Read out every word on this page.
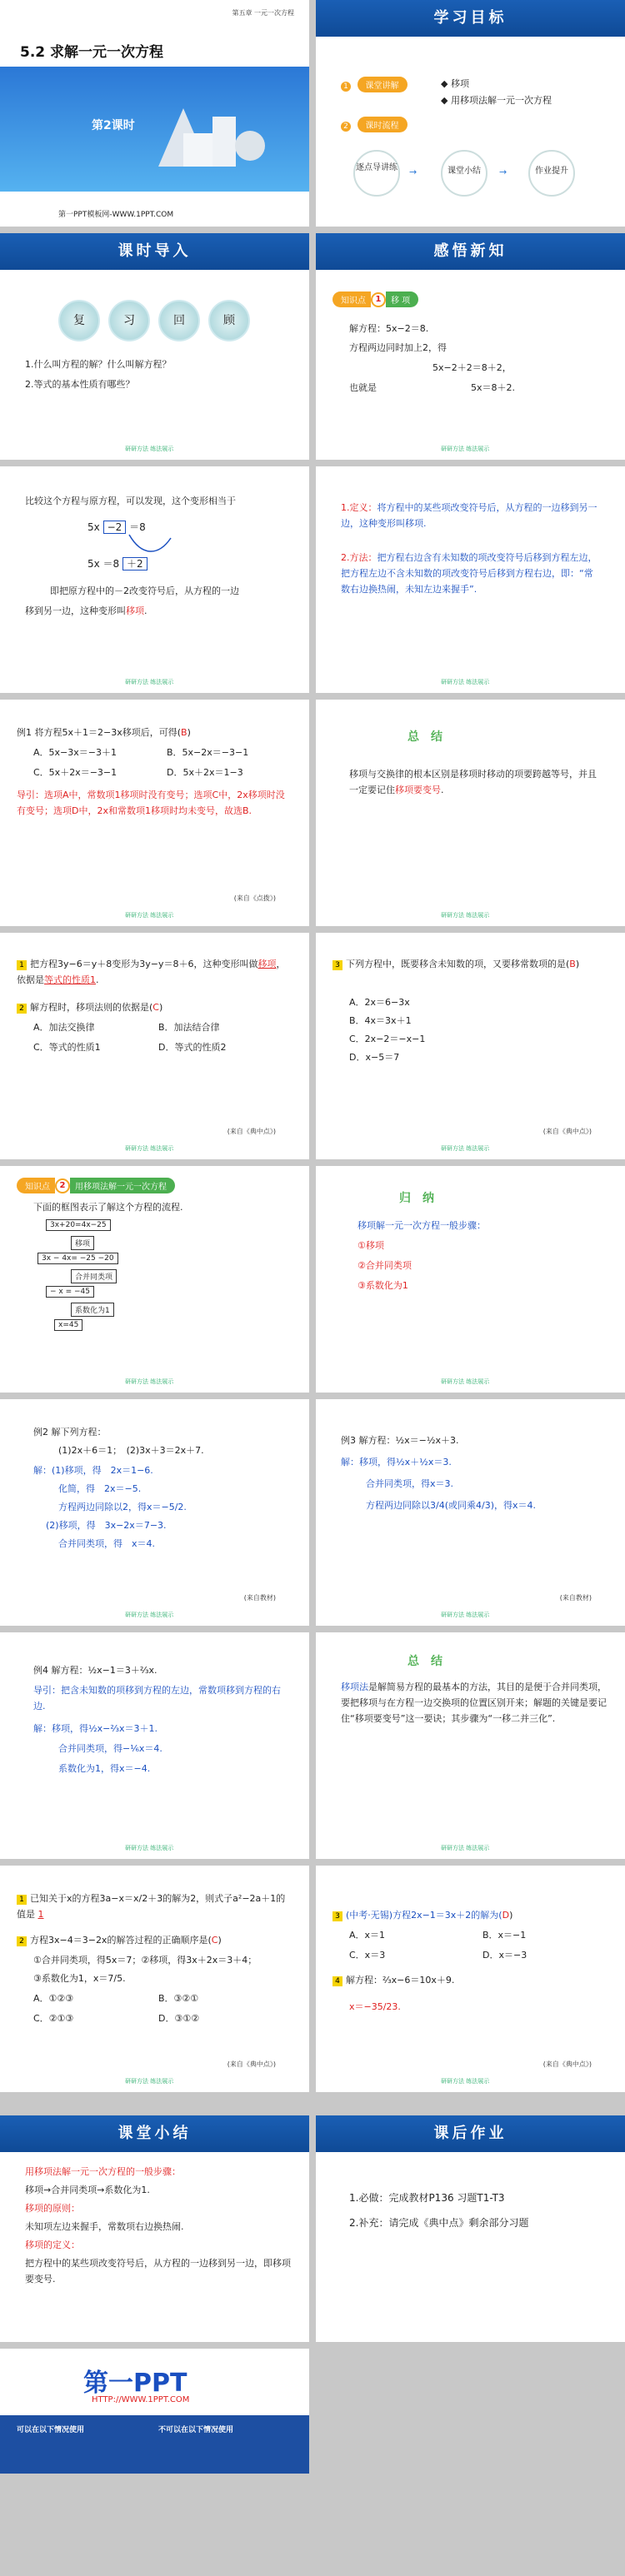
第五章 一元一次方程
5.2 求解一元一次方程
第2课时
第一PPT模板网-WWW.1PPT.COM
学习目标
1 课堂讲解	◆ 移项
◆ 用移项法解一元一次方程
2 课时流程
逐点导讲练	课堂小结	作业提升
→	→
课时导入
复	习	回	顾
1.什么叫方程的解？什么叫解方程？
2.等式的基本性质有哪些？
研研方法 练法展示
感悟新知
知识点	1	移 项
解方程：5x−2＝8.
方程两边同时加上2，得
5x−2＋2＝8＋2，
也就是	5x＝8＋2.
研研方法 练法展示
比较这个方程与原方程，可以发现，这个变形相当于
5x −2 ＝8
5x ＝8 ＋2
即把原方程中的－2改变符号后，从方程的一边
移到另一边，这种变形叫移项.
研研方法 练法展示
1.定义：将方程中的某些项改变符号后，从方程的一边移到另一边，这种变形叫移项.
2.方法：把方程右边含有未知数的项改变符号后移到方程左边，把方程左边不含未知数的项改变符号后移到方程右边，即：“常数右边换热闹，未知左边来握手”.
研研方法 练法展示
例1 将方程5x＋1＝2−3x移项后，可得(B)
A．5x−3x＝−3＋1	B．5x−2x＝−3−1
C．5x＋2x＝−3−1	D．5x＋2x＝1−3
导引：选项A中，常数项1移项时没有变号；选项C中，2x移项时没有变号；选项D中，2x和常数项1移项时均未变号，故选B.
(来自《点拨》)
研研方法 练法展示
总　结
移项与交换律的根本区别是移项时移动的项要跨越等号，并且一定要记住移项要变号.
研研方法 练法展示
1 把方程3y−6＝y＋8变形为3y−y＝8＋6，这种变形叫做移项，依据是等式的性质1.
2 解方程时，移项法则的依据是(C)
A．加法交换律	B．加法结合律
C．等式的性质1	D．等式的性质2
(来自《典中点》)
研研方法 练法展示
3 下列方程中，既要移含未知数的项，又要移常数项的是(B)
A．2x＝6−3x
B．4x＝3x＋1
C．2x−2＝−x−1
D．x−5＝7
(来自《典中点》)
研研方法 练法展示
知识点	2	用移项法解一元一次方程
下面的框图表示了解这个方程的流程.
3x+20=4x−25
移项
3x − 4x= −25 −20
合并同类项
− x = −45
系数化为1
x=45
研研方法 练法展示
归　纳
移项解一元一次方程一般步骤：
①移项
②合并同类项
③系数化为1
研研方法 练法展示
例2 解下列方程：
(1)2x＋6＝1；　(2)3x＋3＝2x＋7.
解：(1)移项，得　2x＝1−6.
化简，得　2x＝−5.
方程两边同除以2，得x＝−5/2.
(2)移项，得　3x−2x＝7−3.
合并同类项，得　x＝4.
(来自教材)
研研方法 练法展示
例3 解方程：½x＝−½x＋3.
解：移项，得½x＋½x＝3.
合并同类项，得x＝3.
方程两边同除以3/4(或同乘4/3)，得x＝4.
(来自教材)
研研方法 练法展示
例4 解方程：½x−1＝3＋⅔x.
导引：把含未知数的项移到方程的左边，常数项移到方程的右边.
解：移项，得½x−⅔x＝3＋1.
合并同类项，得−⅙x＝4.
系数化为1，得x＝−4.
研研方法 练法展示
总　结
移项法是解简易方程的最基本的方法，其目的是便于合并同类项，要把移项与在方程一边交换项的位置区别开来；解题的关键是要记住“移项要变号”这一要诀；其步骤为“一移二并三化”.
研研方法 练法展示
1 已知关于x的方程3a−x＝x/2＋3的解为2，则式子a²−2a＋1的值是 1
2 方程3x−4＝3−2x的解答过程的正确顺序是(C)
①合并同类项，得5x＝7；②移项，得3x＋2x＝3＋4；
③系数化为1，x＝7/5.
A．①②③	B．③②①
C．②①③	D．③①②
(来自《典中点》)
研研方法 练法展示
3 (中考·无锡)方程2x−1＝3x＋2的解为(D)
A．x＝1	B．x＝−1
C．x＝3	D．x＝−3
4 解方程：⅔x−6＝10x＋9.
x＝−35/23.
(来自《典中点》)
研研方法 练法展示
课堂小结
用移项法解一元一次方程的一般步骤：
移项→合并同类项→系数化为1.
移项的原则：
未知项左边来握手，常数项右边换热闹.
移项的定义：
把方程中的某些项改变符号后，从方程的一边移到另一边，即移项要变号.
课后作业
1.必做：完成教材P136 习题T1-T3
2.补充：请完成《典中点》剩余部分习题
第一PPT
HTTP://WWW.1PPT.COM
可以在以下情况使用	不可以在以下情况使用
